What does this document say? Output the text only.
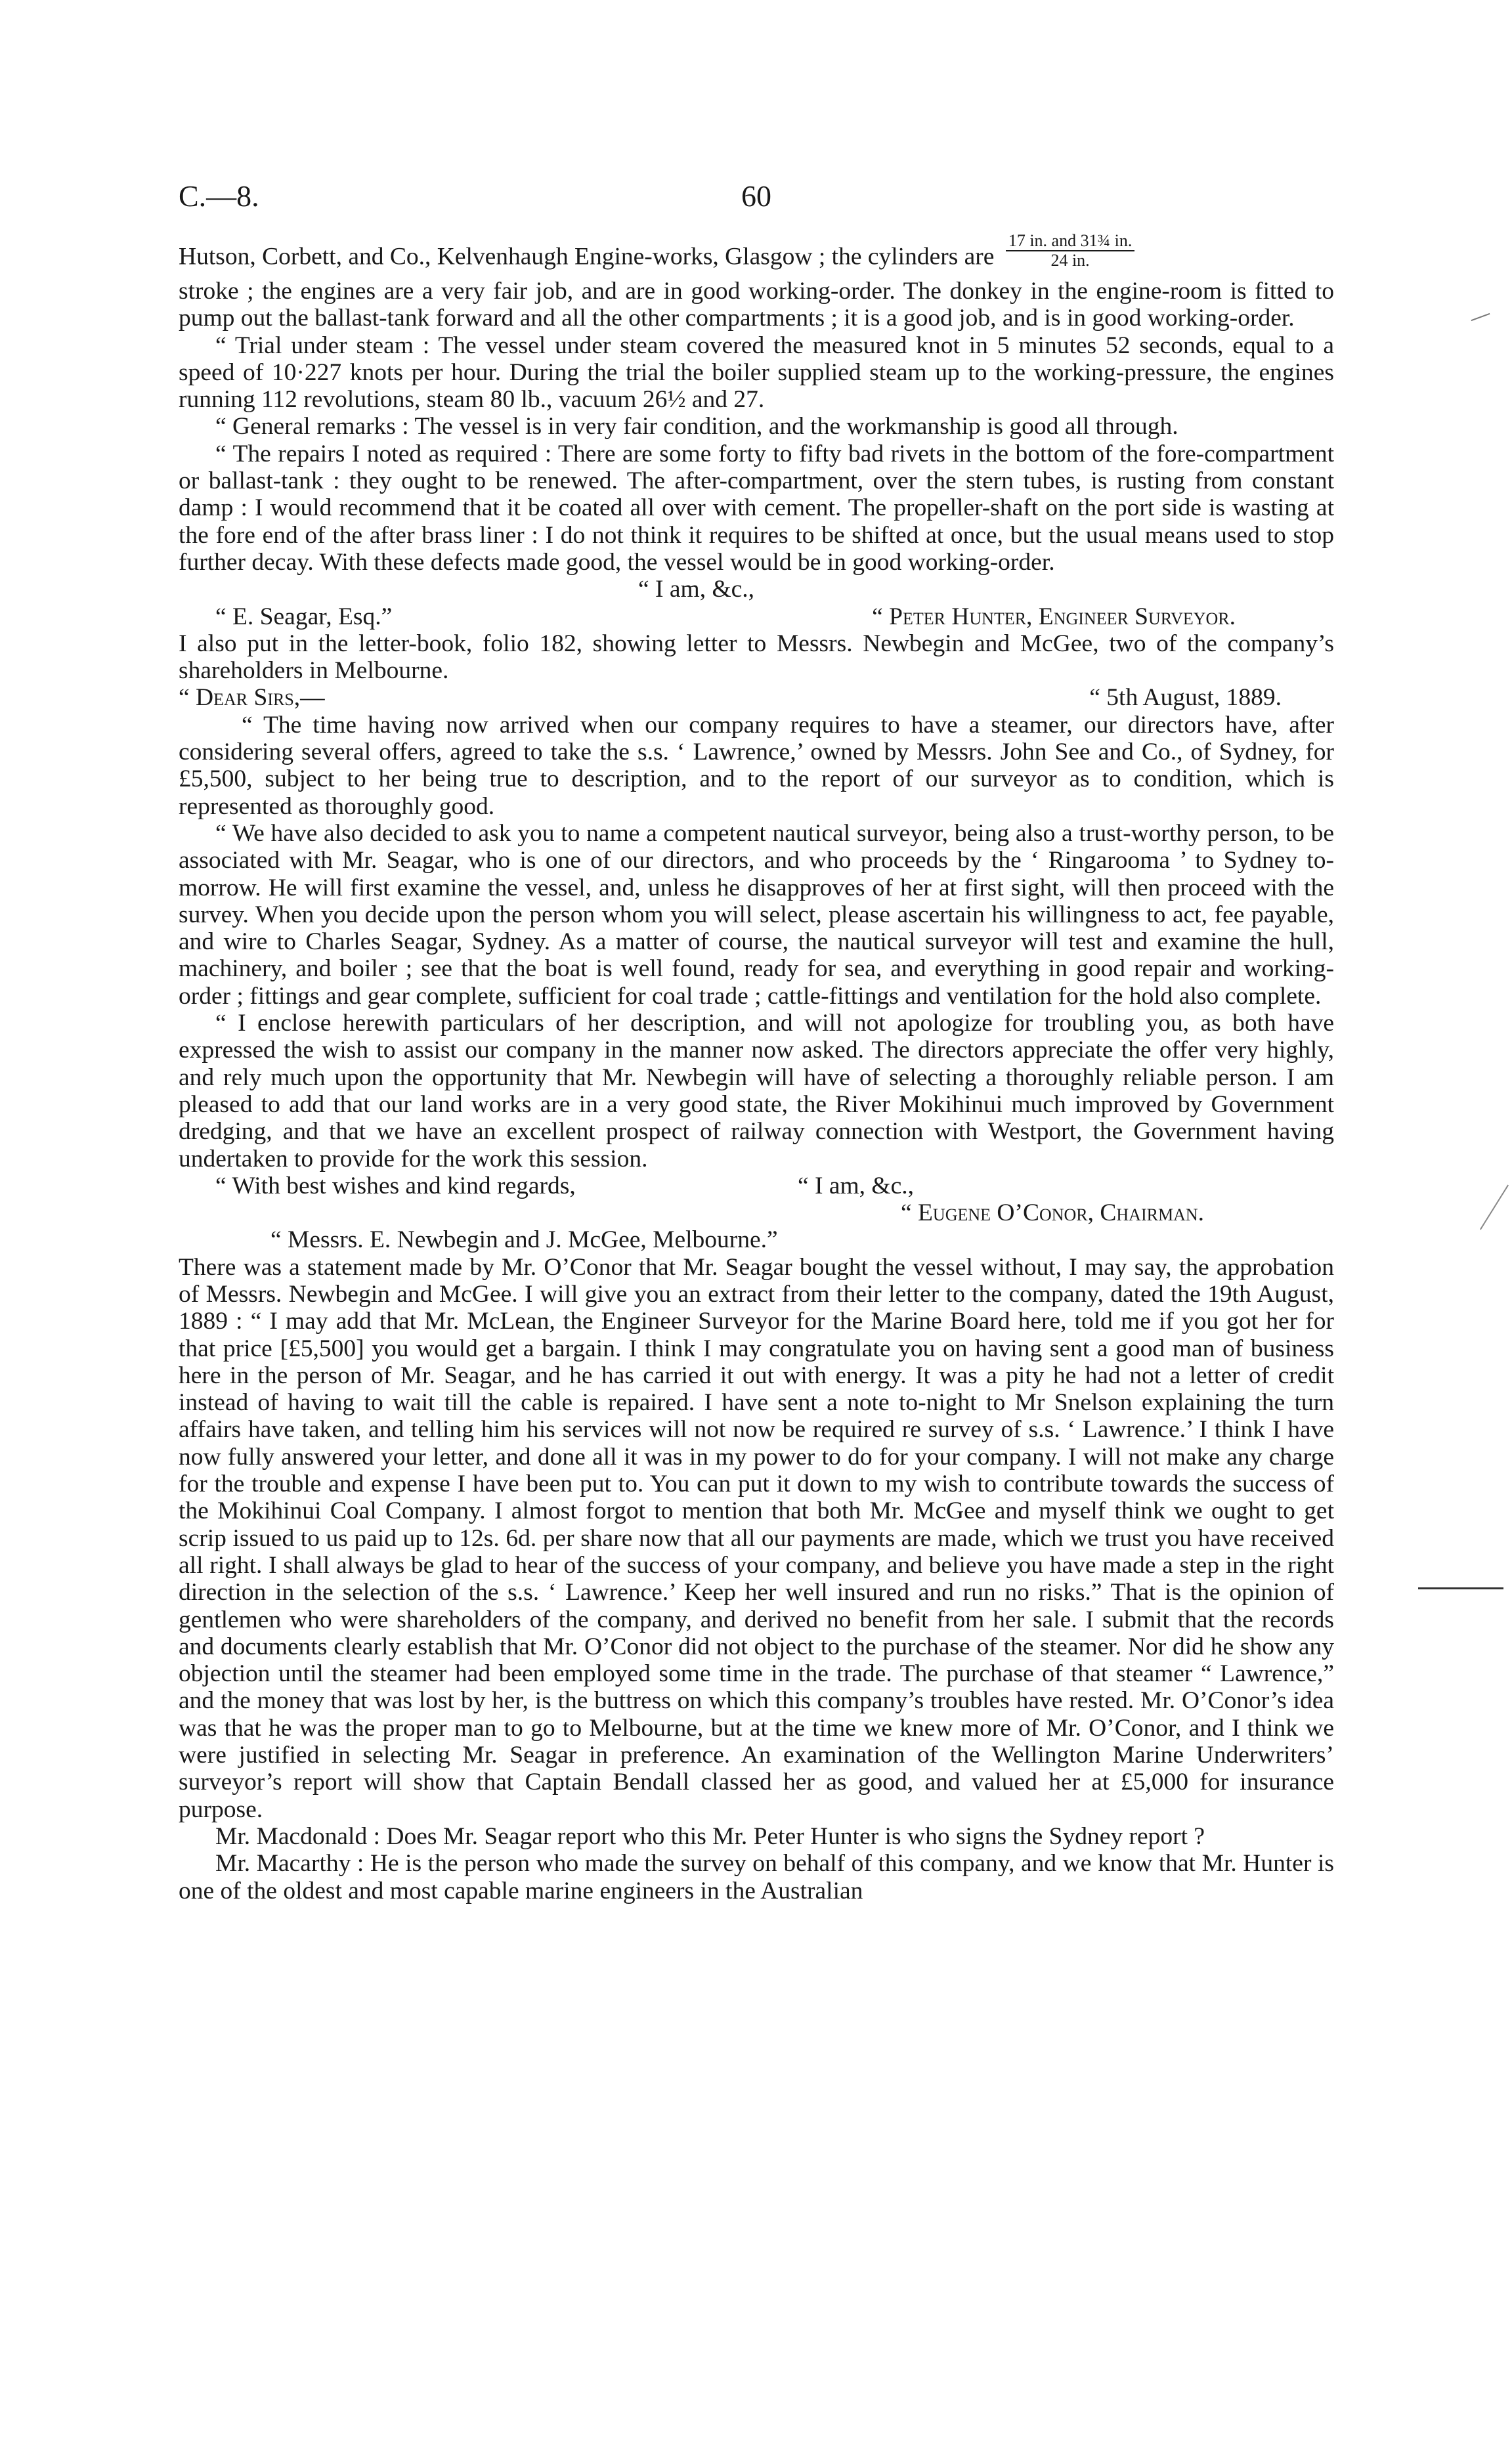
C.—8.	60

Hutson, Corbett, and Co., Kelvenhaugh Engine-works, Glasgow ; the cylinders are $\frac{\text{17 in. and 31¾ in.}}{24 in.}$

stroke ; the engines are a very fair job, and are in good working-order. The donkey in the engine-room is fitted to pump out the ballast-tank forward and all the other compartments ; it is a good job, and is in good working-order.

“ Trial under steam : The vessel under steam covered the measured knot in 5 minutes 52 seconds, equal to a speed of 10·227 knots per hour. During the trial the boiler supplied steam up to the working-pressure, the engines running 112 revolutions, steam 80 lb., vacuum 26½ and 27.

“ General remarks : The vessel is in very fair condition, and the workmanship is good all through.

“ The repairs I noted as required : There are some forty to fifty bad rivets in the bottom of the fore-compartment or ballast-tank : they ought to be renewed. The after-compartment, over the stern tubes, is rusting from constant damp : I would recommend that it be coated all over with cement. The propeller-shaft on the port side is wasting at the fore end of the after brass liner : I do not think it requires to be shifted at once, but the usual means used to stop further decay. With these defects made good, the vessel would be in good working-order.

“ I am, &c.,

“ E. Seagar, Esq.”	“ Peter Hunter, Engineer Surveyor.

I also put in the letter-book, folio 182, showing letter to Messrs. Newbegin and McGee, two of the company’s shareholders in Melbourne.

“ Dear Sirs,—	“ 5th August, 1889.

“ The time having now arrived when our company requires to have a steamer, our directors have, after considering several offers, agreed to take the s.s. ‘ Lawrence,’ owned by Messrs. John See and Co., of Sydney, for £5,500, subject to her being true to description, and to the report of our surveyor as to condition, which is represented as thoroughly good.

“ We have also decided to ask you to name a competent nautical surveyor, being also a trust-worthy person, to be associated with Mr. Seagar, who is one of our directors, and who proceeds by the ‘ Ringarooma ’ to Sydney to-morrow. He will first examine the vessel, and, unless he disapproves of her at first sight, will then proceed with the survey. When you decide upon the person whom you will select, please ascertain his willingness to act, fee payable, and wire to Charles Seagar, Sydney. As a matter of course, the nautical surveyor will test and examine the hull, machinery, and boiler ; see that the boat is well found, ready for sea, and everything in good repair and working-order ; fittings and gear complete, sufficient for coal trade ; cattle-fittings and ventilation for the hold also complete.

“ I enclose herewith particulars of her description, and will not apologize for troubling you, as both have expressed the wish to assist our company in the manner now asked. The directors appreciate the offer very highly, and rely much upon the opportunity that Mr. Newbegin will have of selecting a thoroughly reliable person. I am pleased to add that our land works are in a very good state, the River Mokihinui much improved by Government dredging, and that we have an excellent prospect of railway connection with Westport, the Government having undertaken to provide for the work this session.

“ With best wishes and kind regards,	“ I am, &c.,

“ Eugene O’Conor, Chairman.

“ Messrs. E. Newbegin and J. McGee, Melbourne.”

There was a statement made by Mr. O’Conor that Mr. Seagar bought the vessel without, I may say, the approbation of Messrs. Newbegin and McGee. I will give you an extract from their letter to the company, dated the 19th August, 1889 : “ I may add that Mr. McLean, the Engineer Surveyor for the Marine Board here, told me if you got her for that price [£5,500] you would get a bargain. I think I may congratulate you on having sent a good man of business here in the person of Mr. Seagar, and he has carried it out with energy. It was a pity he had not a letter of credit instead of having to wait till the cable is repaired. I have sent a note to-night to Mr Snelson explaining the turn affairs have taken, and telling him his services will not now be required re survey of s.s. ‘ Lawrence.’ I think I have now fully answered your letter, and done all it was in my power to do for your company. I will not make any charge for the trouble and expense I have been put to. You can put it down to my wish to contribute towards the success of the Mokihinui Coal Company. I almost forgot to mention that both Mr. McGee and myself think we ought to get scrip issued to us paid up to 12s. 6d. per share now that all our payments are made, which we trust you have received all right. I shall always be glad to hear of the success of your company, and believe you have made a step in the right direction in the selection of the s.s. ‘ Lawrence.’ Keep her well insured and run no risks.” That is the opinion of gentlemen who were shareholders of the company, and derived no benefit from her sale. I submit that the records and documents clearly establish that Mr. O’Conor did not object to the purchase of the steamer. Nor did he show any objection until the steamer had been employed some time in the trade. The purchase of that steamer “ Lawrence,” and the money that was lost by her, is the buttress on which this company’s troubles have rested. Mr. O’Conor’s idea was that he was the proper man to go to Melbourne, but at the time we knew more of Mr. O’Conor, and I think we were justified in selecting Mr. Seagar in preference. An examination of the Wellington Marine Underwriters’ surveyor’s report will show that Captain Bendall classed her as good, and valued her at £5,000 for insurance purpose.

Mr. Macdonald : Does Mr. Seagar report who this Mr. Peter Hunter is who signs the Sydney report ?

Mr. Macarthy : He is the person who made the survey on behalf of this company, and we know that Mr. Hunter is one of the oldest and most capable marine engineers in the Australian
